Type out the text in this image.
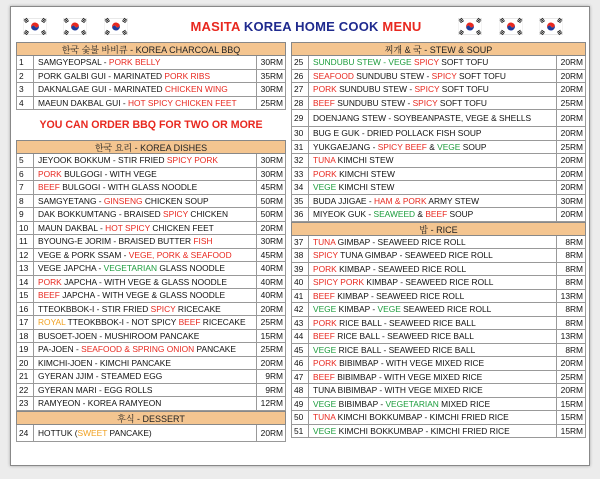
MASITA KOREA HOME COOK MENU
한국 숯불 바비큐 - KOREA CHARCOAL BBQ
1	SAMGYEOPSAL - PORK BELLY	30RM
2	PORK GALBI GUI - MARINATED PORK RIBS	35RM
3	DAKNALGAE GUI - MARINATED CHICKEN WING	30RM
4	MAEUN DAKBAL GUI - HOT SPICY CHICKEN FEET	25RM
YOU CAN ORDER BBQ FOR TWO OR MORE
한국 요리 - KOREA DISHES
5	JEYOOK BOKKUM - STIR FRIED SPICY PORK	30RM
6	PORK BULGOGI - WITH VEGE	30RM
7	BEEF BULGOGI - WITH GLASS NOODLE	45RM
8	SAMGYETANG - GINSENG CHICKEN SOUP	50RM
9	DAK BOKKUMTANG - BRAISED SPICY CHICKEN	50RM
10	MAUN DAKBAL - HOT SPICY CHICKEN FEET	20RM
11	BYOUNG-E JORIM - BRAISED BUTTER FISH	30RM
12	VEGE & PORK SSAM - VEGE, PORK & SEAFOOD	45RM
13	VEGE JAPCHA - VEGETARIAN GLASS NOODLE	40RM
14	PORK JAPCHA - WITH VEGE & GLASS NOODLE	40RM
15	BEEF JAPCHA - WITH VEGE & GLASS NOODLE	40RM
16	TTEOKBBOK-I - STIR FRIED SPICY RICECAKE	20RM
17	ROYAL TTEOKBBOK-I - NOT SPICY BEEF RICECAKE	25RM
18	BUSOET-JOEN - MUSHIROOM PANCAKE	15RM
19	PA-JOEN - SEAFOOD & SPRING ONION PANCAKE	25RM
20	KIMCHI-JOEN - KIMCHI PANCAKE	20RM
21	GYERAN JJIM - STEAMED EGG	9RM
22	GYERAN MARI - EGG ROLLS	9RM
23	RAMYEON - KOREA RAMYEON	12RM
후식 - DESSERT
24	HOTTUK (SWEET PANCAKE)	20RM
찌개 & 국 - STEW & SOUP
25	SUNDUBU STEW - VEGE SPICY SOFT TOFU	20RM
26	SEAFOOD SUNDUBU STEW - SPICY SOFT TOFU	20RM
27	PORK SUNDUBU STEW - SPICY SOFT TOFU	20RM
28	BEEF SUNDUBU STEW - SPICY SOFT TOFU	25RM
29	DOENJANG STEW - SOYBEANPASTE, VEGE & SHELLS	20RM
30	BUG E GUK - DRIED POLLACK FISH SOUP	20RM
31	YUKGAEJANG - SPICY BEEF & VEGE SOUP	25RM
32	TUNA KIMCHI STEW	20RM
33	PORK KIMCHI STEW	20RM
34	VEGE KIMCHI STEW	20RM
35	BUDA JJIGAE - HAM & PORK ARMY STEW	30RM
36	MIYEOK GUK - SEAWEED & BEEF SOUP	20RM
밥 - RICE
37	TUNA GIMBAP - SEAWEED RICE ROLL	8RM
38	SPICY TUNA GIMBAP - SEAWEED RICE ROLL	8RM
39	PORK KIMBAP - SEAWEED RICE ROLL	8RM
40	SPICY PORK KIMBAP - SEAWEED RICE ROLL	8RM
41	BEEF KIMBAP - SEAWEED RICE ROLL	13RM
42	VEGE KIMBAP - VEGE SEAWEED RICE ROLL	8RM
43	PORK RICE BALL - SEAWEED RICE BALL	8RM
44	BEEF RICE BALL - SEAWEED RICE BALL	13RM
45	VEGE RICE BALL - SEAWEED RICE BALL	8RM
46	PORK BIBIMBAP - WITH VEGE MIXED RICE	20RM
47	BEEF BIBIMBAP - WITH VEGE MIXED RICE	25RM
48	TUNA BIBIMBAP - WITH VEGE MIXED RICE	20RM
49	VEGE BIBIMBAP - VEGETARIAN MIXED RICE	15RM
50	TUNA KIMCHI BOKKUMBAP - KIMCHI FRIED RICE	15RM
51	VEGE KIMCHI BOKKUMBAP - KIMCHI FRIED RICE	15RM
